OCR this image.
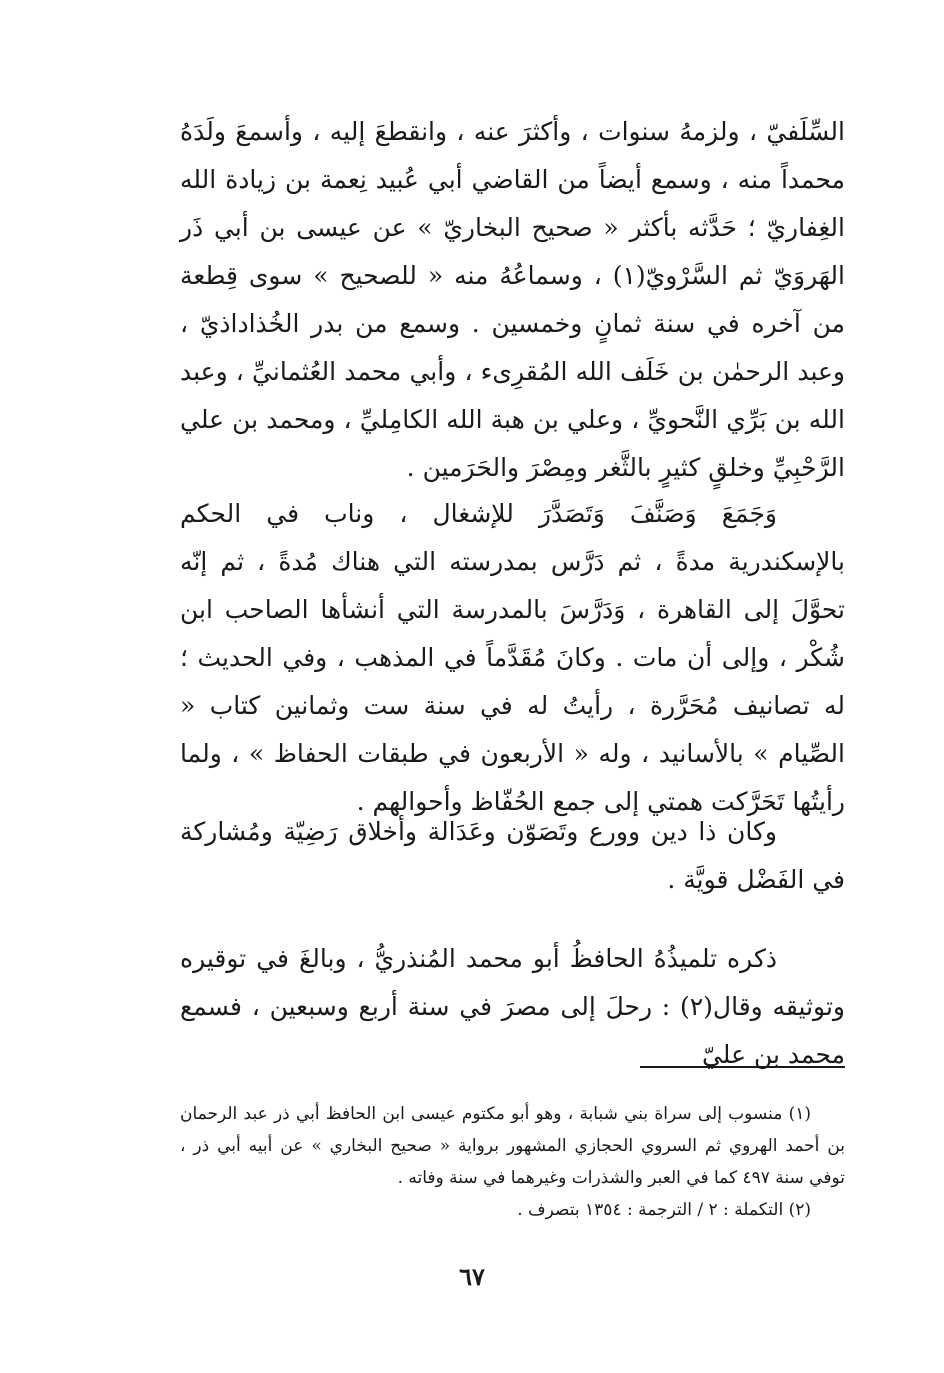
السِّلَفيّ ، ولزمهُ سنوات ، وأكثرَ عنه ، وانقطعَ إليه ، وأسمعَ ولَدَهُ محمداً منه ، وسمع أيضاً من القاضي أبي عُبيد نِعمة بن زيادة الله الغِفاريّ ؛ حَدَّثه بأكثر « صحيح البخاريّ » عن عيسى بن أبي ذَر الهَروَيّ ثم السَّرْويّ(١) ، وسماعُهُ منه « للصحيح » سوى قِطعة من آخره في سنة ثمانٍ وخمسين . وسمع من بدر الخُذاداذيّ ، وعبد الرحمٰن بن خَلَف الله المُقرِىء ، وأبي محمد العُثمانيِّ ، وعبد الله بن بَرِّي النَّحويِّ ، وعلي بن هبة الله الكامِليِّ ، ومحمد بن علي الرَّحْبِيِّ وخلقٍ كثيرٍ بالثَّغر ومِصْرَ والحَرَمين .

وَجَمَعَ وَصَنَّفَ وَتَصَدَّرَ للإشغال ، وناب في الحكم بالإسكندرية مدةً ، ثم دَرَّس بمدرسته التي هناك مُدةً ، ثم إنّه تحوَّلَ إلى القاهرة ، وَدَرَّسَ بالمدرسة التي أنشأها الصاحب ابن شُكْر ، وإلى أن مات . وكانَ مُقَدَّماً في المذهب ، وفي الحديث ؛ له تصانيف مُحَرَّرة ، رأيتُ له في سنة ست وثمانين كتاب « الصِّيام » بالأسانيد ، وله « الأربعون في طبقات الحفاظ » ، ولما رأيتُها تَحَرَّكت همتي إلى جمع الحُفّاظ وأحوالهم .

وكان ذا دين وورع وتَصَوّن وعَدَالة وأخلاق رَضِيّة ومُشاركة في الفَضْل قويَّة .

ذكره تلميذُهُ الحافظُ أبو محمد المُنذريُّ ، وبالغَ في توقيره وتوثيقه وقال(٢) : رحلَ إلى مصرَ في سنة أربع وسبعين ، فسمع محمد بن عليّ

(١) منسوب إلى سراة بني شبابة ، وهو أبو مكتوم عيسى ابن الحافظ أبي ذر عبد الرحمان بن أحمد الهروي ثم السروي الحجازي المشهور برواية « صحيح البخاري » عن أبيه أبي ذر ، توفي سنة ٤٩٧ كما في العبر والشذرات وغيرهما في سنة وفاته .

(٢) التكملة : ٢ / الترجمة : ١٣٥٤ بتصرف .

٦٧
